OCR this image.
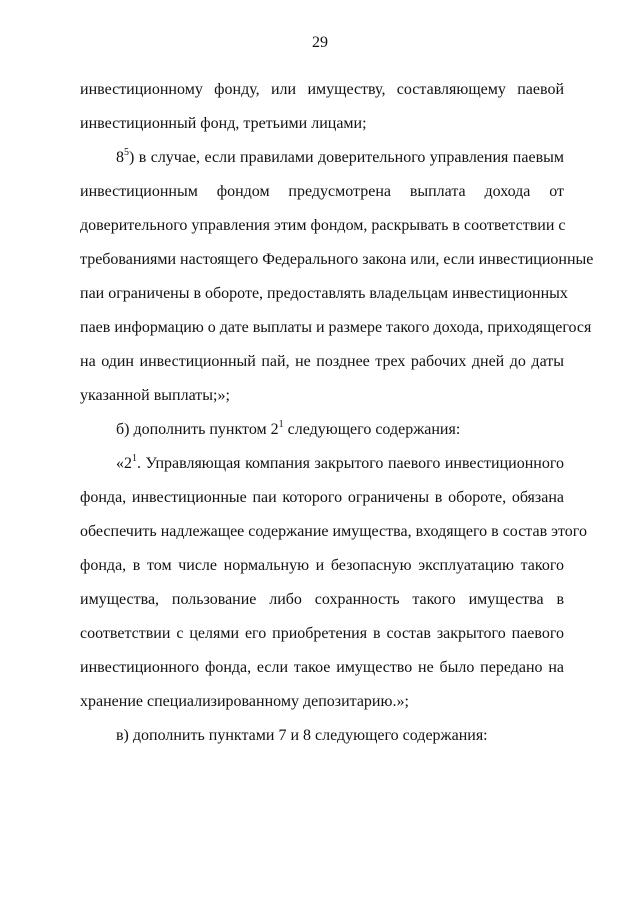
29
инвестиционному фонду, или имуществу, составляющему паевой
инвестиционный фонд, третьими лицами;
$8^5$) в случае, если правилами доверительного управления паевым
инвестиционным фондом предусмотрена выплата дохода от
доверительного управления этим фондом, раскрывать в соответствии с
требованиями настоящего Федерального закона или, если инвестиционные
паи ограничены в обороте, предоставлять владельцам инвестиционных
паев информацию о дате выплаты и размере такого дохода, приходящегося
на один инвестиционный пай, не позднее трех рабочих дней до даты
указанной выплаты;»;
б) дополнить пунктом $2^1$ следующего содержания:
«$2^1$. Управляющая компания закрытого паевого инвестиционного
фонда, инвестиционные паи которого ограничены в обороте, обязана
обеспечить надлежащее содержание имущества, входящего в состав этого
фонда, в том числе нормальную и безопасную эксплуатацию такого
имущества, пользование либо сохранность такого имущества в
соответствии с целями его приобретения в состав закрытого паевого
инвестиционного фонда, если такое имущество не было передано на
хранение специализированному депозитарию.»;
в) дополнить пунктами 7 и 8 следующего содержания:
